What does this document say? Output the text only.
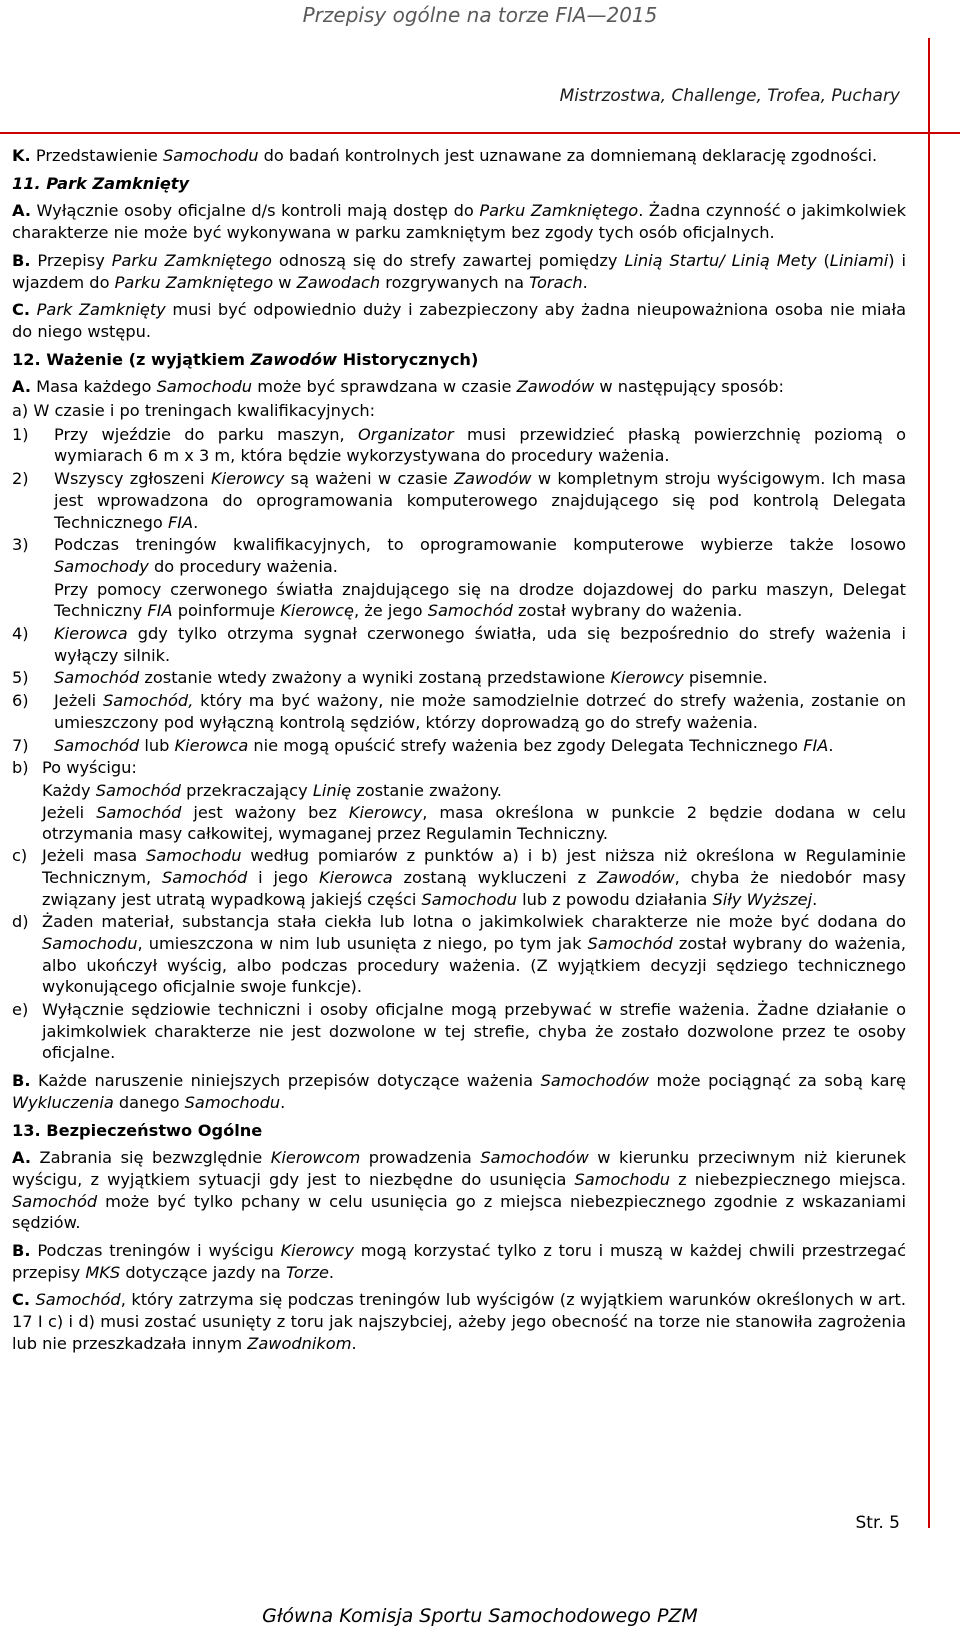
Przepisy ogólne na torze FIA—2015
Mistrzostwa, Challenge, Trofea, Puchary

K. Przedstawienie Samochodu do badań kontrolnych jest uznawane za domniemaną deklarację zgodności.

11. Park Zamknięty

A. Wyłącznie osoby oficjalne d/s kontroli mają dostęp do Parku Zamkniętego. Żadna czynność o jakimkolwiek charakterze nie może być wykonywana w parku zamkniętym bez zgody tych osób oficjalnych.

B. Przepisy Parku Zamkniętego odnoszą się do strefy zawartej pomiędzy Linią Startu/ Linią Mety (Liniami) i wjazdem do Parku Zamkniętego w Zawodach rozgrywanych na Torach.

C. Park Zamknięty musi być odpowiednio duży i zabezpieczony aby żadna nieupoważniona osoba nie miała do niego wstępu.

12. Ważenie (z wyjątkiem Zawodów Historycznych)

A. Masa każdego Samochodu może być sprawdzana w czasie Zawodów w następujący sposób:

a) W czasie i po treningach kwalifikacyjnych:
1) Przy wjeździe do parku maszyn, Organizator musi przewidzieć płaską powierzchnię poziomą o wymiarach 6 m x 3 m, która będzie wykorzystywana do procedury ważenia.
2) Wszyscy zgłoszeni Kierowcy są ważeni w czasie Zawodów w kompletnym stroju wyścigowym. Ich masa jest wprowadzona do oprogramowania komputerowego znajdującego się pod kontrolą Delegata Technicznego FIA.
3) Podczas treningów kwalifikacyjnych, to oprogramowanie komputerowe wybierze także losowo Samochody do procedury ważenia.
Przy pomocy czerwonego światła znajdującego się na drodze dojazdowej do parku maszyn, Delegat Techniczny FIA poinformuje Kierowcę, że jego Samochód został wybrany do ważenia.
4) Kierowca gdy tylko otrzyma sygnał czerwonego światła, uda się bezpośrednio do strefy ważenia i wyłączy silnik.
5) Samochód zostanie wtedy zważony a wyniki zostaną przedstawione Kierowcy pisemnie.
6) Jeżeli Samochód, który ma być ważony, nie może samodzielnie dotrzeć do strefy ważenia, zostanie on umieszczony pod wyłączną kontrolą sędziów, którzy doprowadzą go do strefy ważenia.
7) Samochód lub Kierowca nie mogą opuścić strefy ważenia bez zgody Delegata Technicznego FIA.
b) Po wyścigu:
Każdy Samochód przekraczający Linię zostanie zważony.
Jeżeli Samochód jest ważony bez Kierowcy, masa określona w punkcie 2 będzie dodana w celu otrzymania masy całkowitej, wymaganej przez Regulamin Techniczny.
c) Jeżeli masa Samochodu według pomiarów z punktów a) i b) jest niższa niż określona w Regulaminie Technicznym, Samochód i jego Kierowca zostaną wykluczeni z Zawodów, chyba że niedobór masy związany jest utratą wypadkową jakiejś części Samochodu lub z powodu działania Siły Wyższej.
d) Żaden materiał, substancja stała ciekła lub lotna o jakimkolwiek charakterze nie może być dodana do Samochodu, umieszczona w nim lub usunięta z niego, po tym jak Samochód został wybrany do ważenia, albo ukończył wyścig, albo podczas procedury ważenia. (Z wyjątkiem decyzji sędziego technicznego wykonującego oficjalnie swoje funkcje).
e) Wyłącznie sędziowie techniczni i osoby oficjalne mogą przebywać w strefie ważenia. Żadne działanie o jakimkolwiek charakterze nie jest dozwolone w tej strefie, chyba że zostało dozwolone przez te osoby oficjalne.

B. Każde naruszenie niniejszych przepisów dotyczące ważenia Samochodów może pociągnąć za sobą karę Wykluczenia danego Samochodu.

13. Bezpieczeństwo Ogólne

A. Zabrania się bezwzględnie Kierowcom prowadzenia Samochodów w kierunku przeciwnym niż kierunek wyścigu, z wyjątkiem sytuacji gdy jest to niezbędne do usunięcia Samochodu z niebezpiecznego miejsca. Samochód może być tylko pchany w celu usunięcia go z miejsca niebezpiecznego zgodnie z wskazaniami sędziów.

B. Podczas treningów i wyścigu Kierowcy mogą korzystać tylko z toru i muszą w każdej chwili przestrzegać przepisy MKS dotyczące jazdy na Torze.

C. Samochód, który zatrzyma się podczas treningów lub wyścigów (z wyjątkiem warunków określonych w art. 17 I c) i d) musi zostać usunięty z toru jak najszybciej, ażeby jego obecność na torze nie stanowiła zagrożenia lub nie przeszkadzała innym Zawodnikom.

Str. 5
Główna Komisja Sportu Samochodowego PZM
